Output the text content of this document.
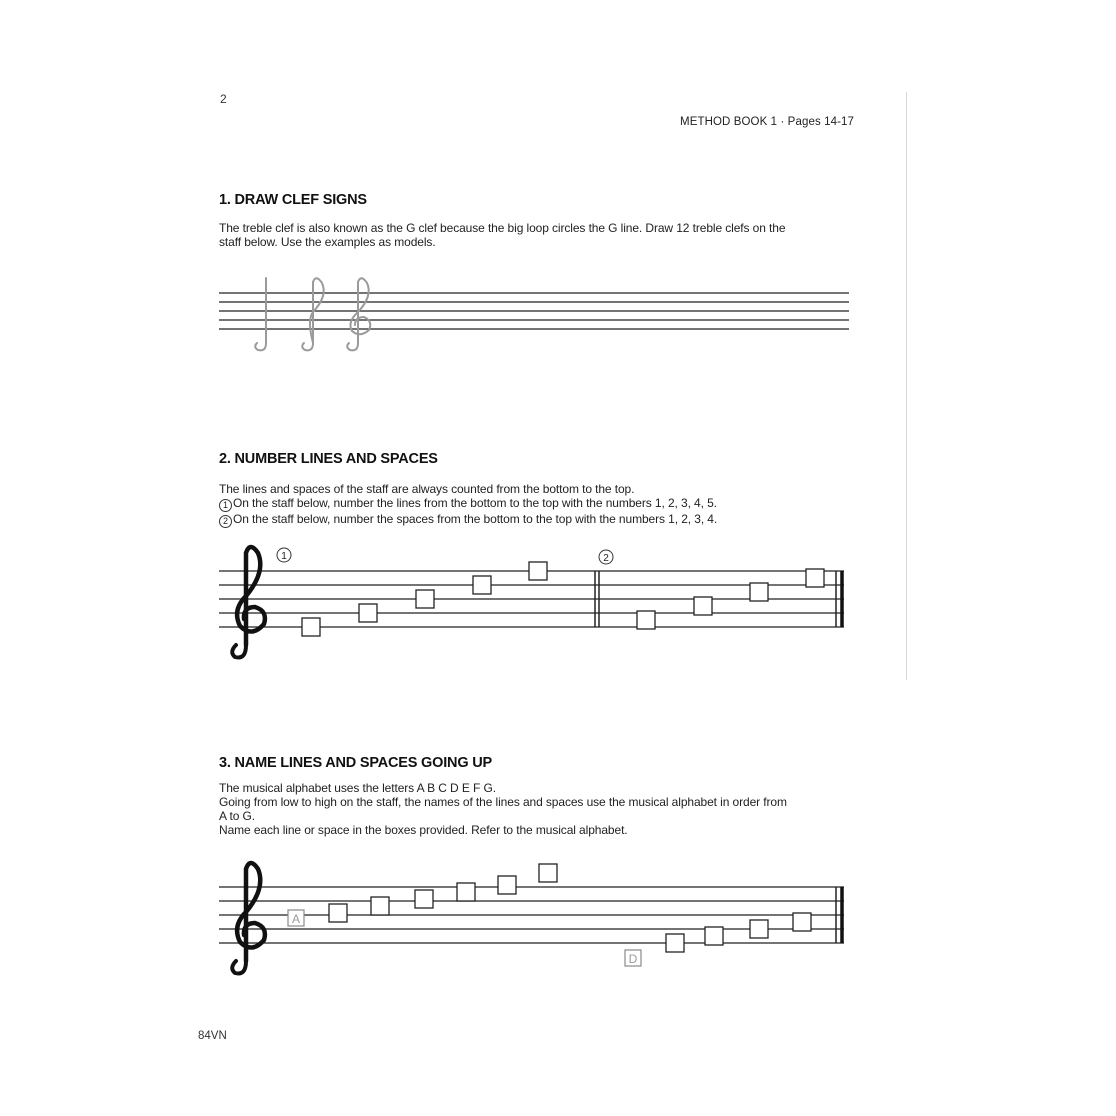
2
METHOD BOOK 1 · Pages 14-17
1. DRAW CLEF SIGNS

The treble clef is also known as the G clef because the big loop circles the G line. Draw 12 treble clefs on the

staff below. Use the examples as models.

2. NUMBER LINES AND SPACES

The lines and spaces of the staff are always counted from the bottom to the top.

1 On the staff below, number the lines from the bottom to the top with the numbers 1, 2, 3, 4, 5.

2 On the staff below, number the spaces from the bottom to the top with the numbers 1, 2, 3, 4.

1	2
3. NAME LINES AND SPACES GOING UP

The musical alphabet uses the letters A B C D E F G.

Going from low to high on the staff, the names of the lines and spaces use the musical alphabet in order from

A to G.

Name each line or space in the boxes provided. Refer to the musical alphabet.

A
D
84VN
